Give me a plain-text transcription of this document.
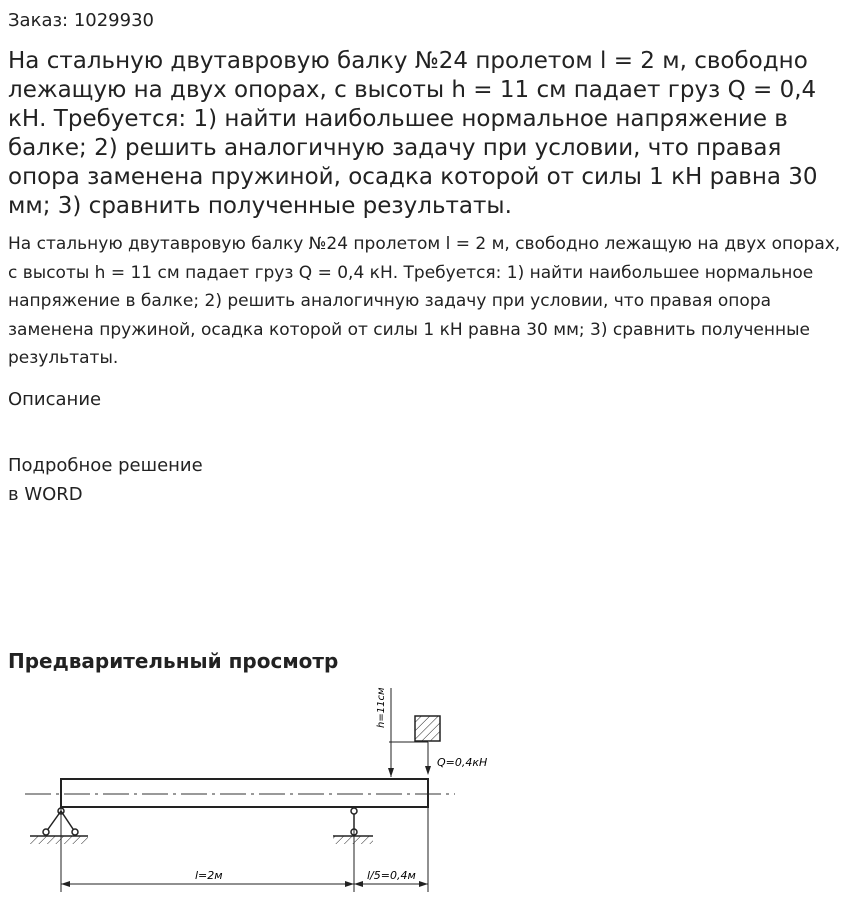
Заказ: 1029930
На стальную двутавровую балку №24 пролетом l = 2 м, свободно лежащую на двух опорах, с высоты h = 11 см падает груз Q = 0,4 кН. Требуется: 1) найти наибольшее нормальное напряжение в балке; 2) решить аналогичную задачу при условии, что правая опора заменена пружиной, осадка которой от силы 1 кН равна 30 мм; 3) сравнить полученные результаты.

На стальную двутавровую балку №24 пролетом l = 2 м, свободно лежащую на двух опорах, с высоты h = 11 см падает груз Q = 0,4 кН. Требуется: 1) найти наибольшее нормальное напряжение в балке; 2) решить аналогичную задачу при условии, что правая опора заменена пружиной, осадка которой от силы 1 кН равна 30 мм; 3) сравнить полученные результаты.

Описание
Подробное решение
в WORD
Предварительный просмотр
h=11см
Q=0,4кН
l=2м	l/5=0,4м
